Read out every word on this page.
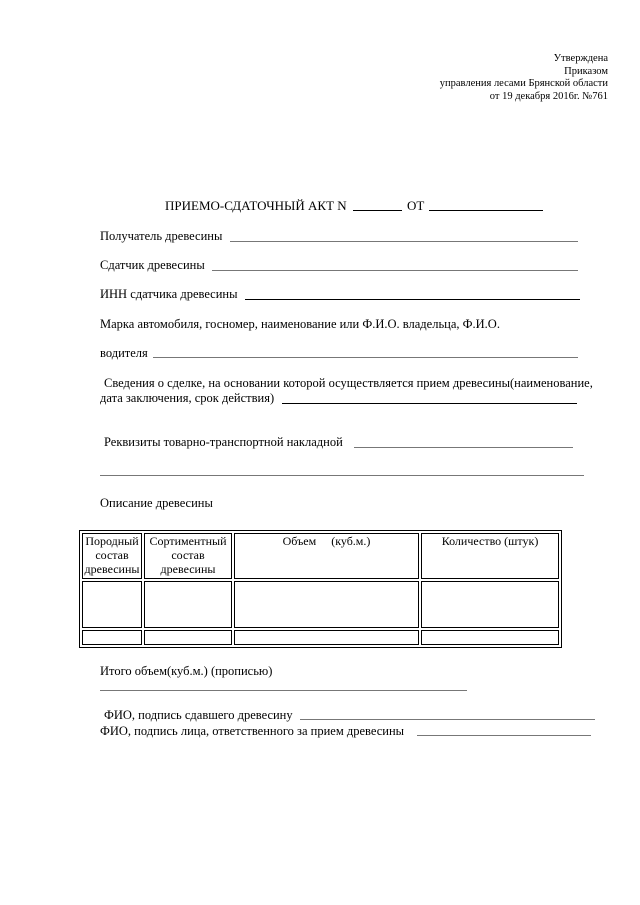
Утверждена
Приказом
управления лесами Брянской области
от 19 декабря 2016г. №761
ПРИЕМО-СДАТОЧНЫЙ АКТ N	ОТ
Получатель древесины
Сдатчик древесины
ИНН сдатчика древесины
Марка автомобиля, госномер, наименование или Ф.И.О. владельца, Ф.И.О.
водителя
Сведения о сделке, на основании которой осуществляется прием древесины(наименование,
дата заключения, срок действия)
Реквизиты товарно-транспортной накладной
Описание древесины
Породный состав древесины	Сортиментный состав древесины	Объем     (куб.м.)	Количество (штук)

Итого объем(куб.м.) (прописью)
ФИО, подпись сдавшего древесину
ФИО, подпись лица, ответственного за прием древесины
